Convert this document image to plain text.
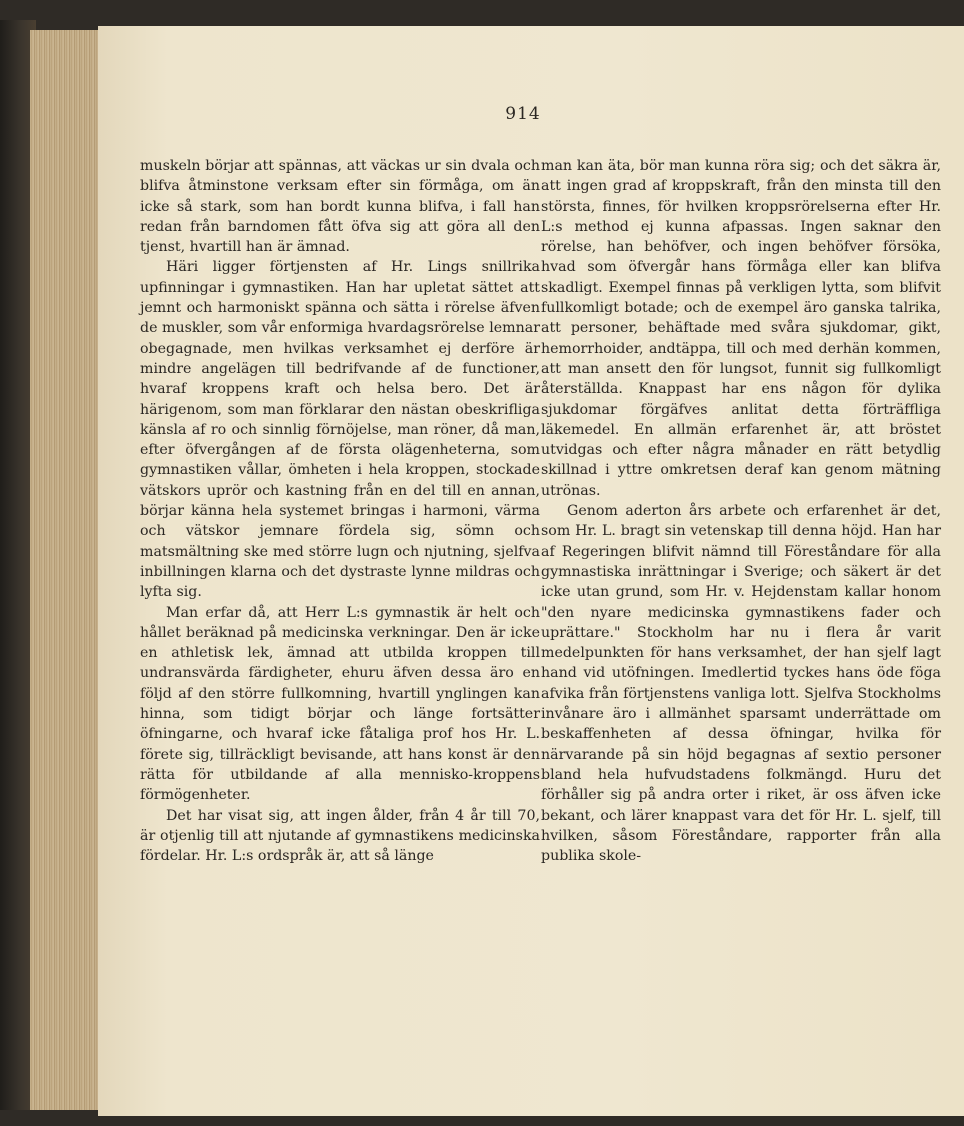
914

muskeln börjar att spännas, att väckas ur sin dvala och blifva åtminstone verksam efter sin förmåga, om än icke så stark, som han bordt kunna blifva, i fall han redan från barndomen fått öfva sig att göra all den tjenst, hvartill han är ämnad.

Häri ligger förtjensten af Hr. Lings snillrika upfinningar i gymnastiken. Han har upletat sättet att jemnt och harmoniskt spänna och sätta i rörelse äfven de muskler, som vår enformiga hvardagsrörelse lemnar obegagnade, men hvilkas verksamhet ej derföre är mindre angelägen till bedrifvande af de functioner, hvaraf kroppens kraft och helsa bero. Det är härigenom, som man förklarar den nästan obeskrifliga känsla af ro och sinnlig förnöjelse, man röner, då man, efter öfvergången af de första olägenheterna, som gymnastiken vållar, ömheten i hela kroppen, stockade vätskors uprör och kastning från en del till en annan, börjar känna hela systemet bringas i harmoni, värma och vätskor jemnare fördela sig, sömn och matsmältning ske med större lugn och njutning, sjelfva inbillningen klarna och det dystraste lynne mildras och lyfta sig.

Man erfar då, att Herr L:s gymnastik är helt och hållet beräknad på medicinska verkningar. Den är icke en athletisk lek, ämnad att utbilda kroppen till undransvärda färdigheter, ehuru äfven dessa äro en följd af den större fullkomning, hvartill ynglingen kan hinna, som tidigt börjar och länge fortsätter öfningarne, och hvaraf icke fåtaliga prof hos Hr. L. förete sig, tillräckligt bevisande, att hans konst är den rätta för utbildande af alla mennisko-kroppens förmögenheter.

Det har visat sig, att ingen ålder, från 4 år till 70, är otjenlig till att njutande af gymnastikens medicinska fördelar. Hr. L:s ordspråk är, att så länge

man kan äta, bör man kunna röra sig; och det säkra är, att ingen grad af kroppskraft, från den minsta till den största, finnes, för hvilken kroppsrörelserna efter Hr. L:s method ej kunna afpassas. Ingen saknar den rörelse, han behöfver, och ingen behöfver försöka, hvad som öfvergår hans förmåga eller kan blifva skadligt. Exempel finnas på verkligen lytta, som blifvit fullkomligt botade; och de exempel äro ganska talrika, att personer, behäftade med svåra sjukdomar, gikt, hemorrhoider, andtäppa, till och med derhän kommen, att man ansett den för lungsot, funnit sig fullkomligt återställda. Knappast har ens någon för dylika sjukdomar förgäfves anlitat detta förträffliga läkemedel. En allmän erfarenhet är, att bröstet utvidgas och efter några månader en rätt betydlig skillnad i yttre omkretsen deraf kan genom mätning utrönas.

Genom aderton års arbete och erfarenhet är det, som Hr. L. bragt sin vetenskap till denna höjd. Han har af Regeringen blifvit nämnd till Föreståndare för alla gymnastiska inrättningar i Sverige; och säkert är det icke utan grund, som Hr. v. Hejdenstam kallar honom "den nyare medicinska gymnastikens fader och uprättare." Stockholm har nu i flera år varit medelpunkten för hans verksamhet, der han sjelf lagt hand vid utöfningen. Imedlertid tyckes hans öde föga afvika från förtjenstens vanliga lott. Sjelfva Stockholms invånare äro i allmänhet sparsamt underrättade om beskaffenheten af dessa öfningar, hvilka för närvarande på sin höjd begagnas af sextio personer bland hela hufvudstadens folkmängd. Huru det förhåller sig på andra orter i riket, är oss äfven icke bekant, och lärer knappast vara det för Hr. L. sjelf, till hvilken, såsom Föreståndare, rapporter från alla publika skole-
